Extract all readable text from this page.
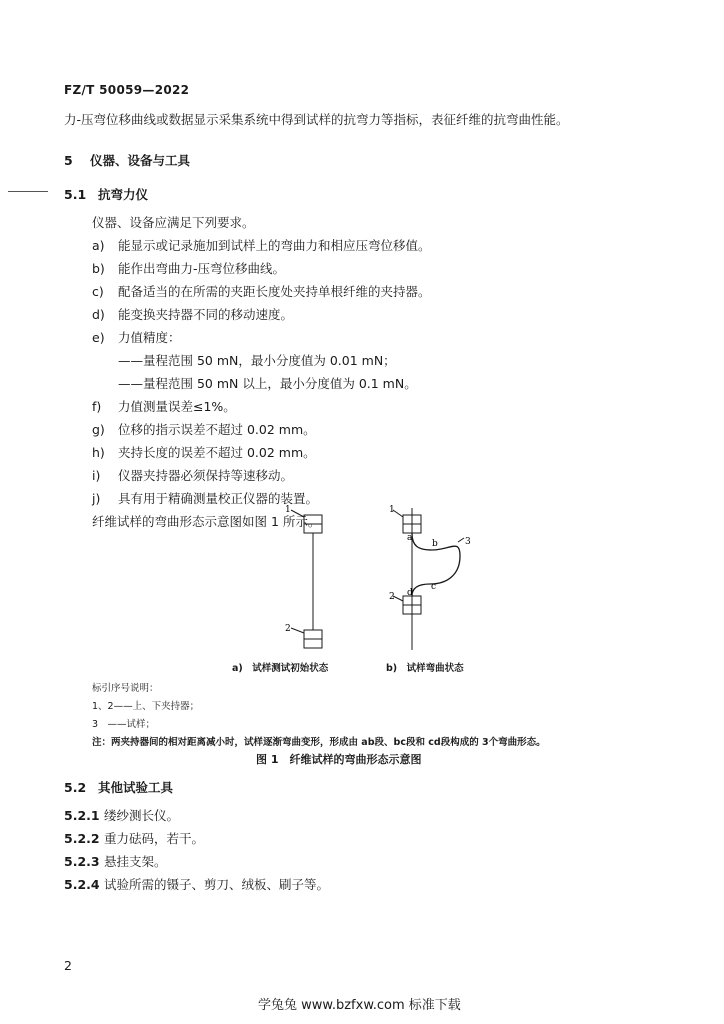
FZ/T 50059—2022
力-压弯位移曲线或数据显示采集系统中得到试样的抗弯力等指标，表征纤维的抗弯曲性能。
5 仪器、设备与工具
5.1 抗弯力仪
仪器、设备应满足下列要求。
a) 能显示或记录施加到试样上的弯曲力和相应压弯位移值。
b) 能作出弯曲力-压弯位移曲线。
c) 配备适当的在所需的夹距长度处夹持单根纤维的夹持器。
d) 能变换夹持器不同的移动速度。
e) 力值精度：
——量程范围 50 mN，最小分度值为 0.01 mN；
——量程范围 50 mN 以上，最小分度值为 0.1 mN。
f) 力值测量误差≤1%。
g) 位移的指示误差不超过 0.02 mm。
h) 夹持长度的误差不超过 0.02 mm。
i) 仪器夹持器必须保持等速移动。
j) 具有用于精确测量校正仪器的装置。
纤维试样的弯曲形态示意图如图 1 所示。
1
2
1
2
3
a
b
c
d
a)　试样测试初始状态	b)　试样弯曲状态
标引序号说明：
1、2——上、下夹持器；
3　——试样；
注：两夹持器间的相对距离减小时，试样逐渐弯曲变形，形成由 ab段、bc段和 cd段构成的 3个弯曲形态。
图 1　纤维试样的弯曲形态示意图
5.2 其他试验工具
5.2.1 缕纱测长仪。
5.2.2 重力砝码，若干。
5.2.3 悬挂支架。
5.2.4 试验所需的镊子、剪刀、绒板、刷子等。
2
学兔兔 www.bzfxw.com 标准下载
